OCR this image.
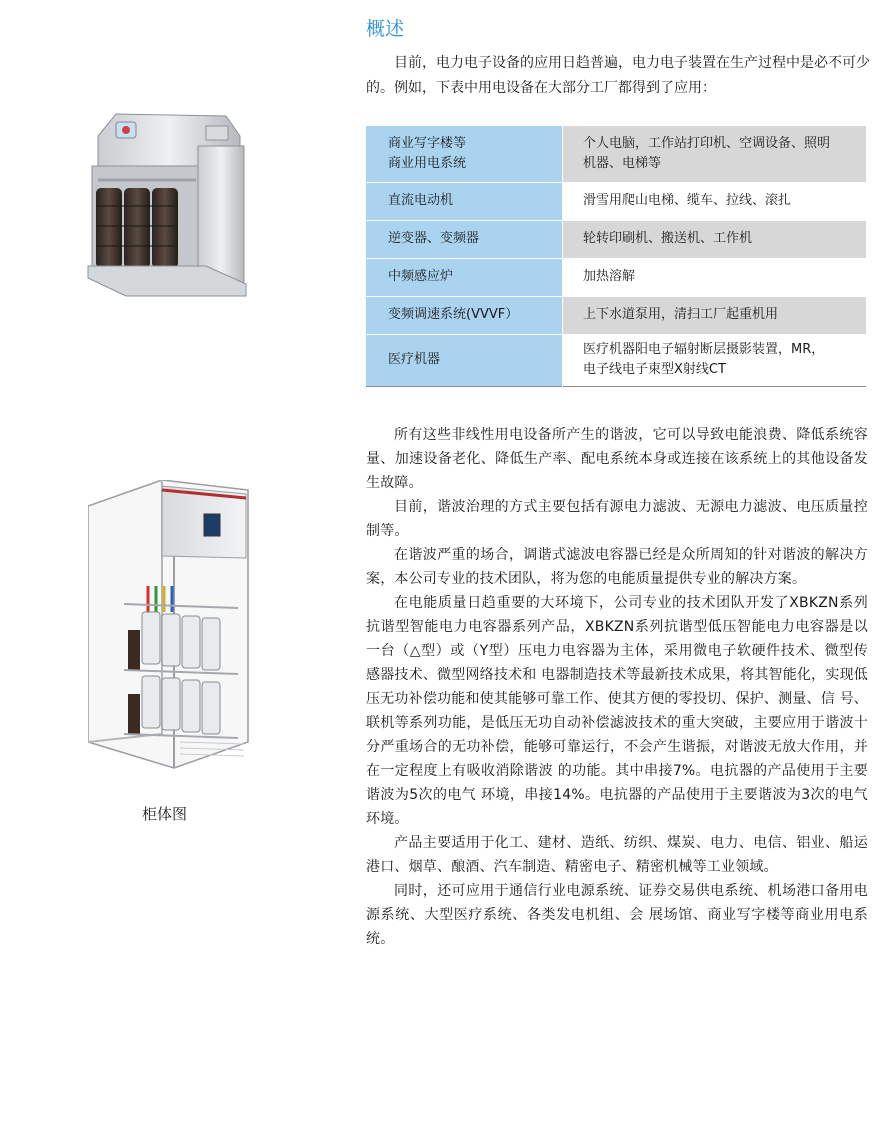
概述

目前，电力电子设备的应用日趋普遍，电力电子装置在生产过程中是必不可少的。例如，下表中用电设备在大部分工厂都得到了应用：

商业写字楼等
商业用电系统	个人电脑，工作站打印机、空调设备、照明
机器、电梯等

直流电动机	滑雪用爬山电梯、缆车、拉线、滚扎

逆变器、变频器	轮转印刷机、搬送机、工作机

中频感应炉	加热溶解

变频调速系统(VVVF）	上下水道泵用，清扫工厂起重机用

医疗机器	医疗机器阳电子辐射断层摄影装置，MR，
电子线电子束型X射线CT

所有这些非线性用电设备所产生的谐波，它可以导致电能浪费、降低系统容量、加速设备老化、降低生产率、配电系统本身或连接在该系统上的其他设备发生故障。

目前，谐波治理的方式主要包括有源电力滤波、无源电力滤波、电压质量控制等。

在谐波严重的场合，调谐式滤波电容器已经是众所周知的针对谐波的解决方案，本公司专业的技术团队，将为您的电能质量提供专业的解决方案。

在电能质量日趋重要的大环境下，公司专业的技术团队开发了XBKZN系列抗谐型智能电力电容器系列产品，XBKZN系列抗谐型低压智能电力电容器是以一台（△型）或（Y型）压电力电容器为主体，采用微电子软硬件技术、微型传感器技术、微型网络技术和 电器制造技术等最新技术成果，将其智能化，实现低压无功补偿功能和使其能够可靠工作、使其方便的零投切、保护、测量、信 号、联机等系列功能，是低压无功自动补偿滤波技术的重大突破，主要应用于谐波十分严重场合的无功补偿，能够可靠运行，不会产生谐振，对谐波无放大作用，并在一定程度上有吸收消除谐波 的功能。其中串接7%。电抗器的产品使用于主要谐波为5次的电气 环境，串接14%。电抗器的产品使用于主要谐波为3次的电气环境。

产品主要适用于化工、建材、造纸、纺织、煤炭、电力、电信、铝业、船运港口、烟草、酿酒、汽车制造、精密电子、精密机械等工业领域。

同时，还可应用于通信行业电源系统、证券交易供电系统、机场港口备用电源系统、大型医疗系统、各类发电机组、会 展场馆、商业写字楼等商业用电系统。

柜体图
